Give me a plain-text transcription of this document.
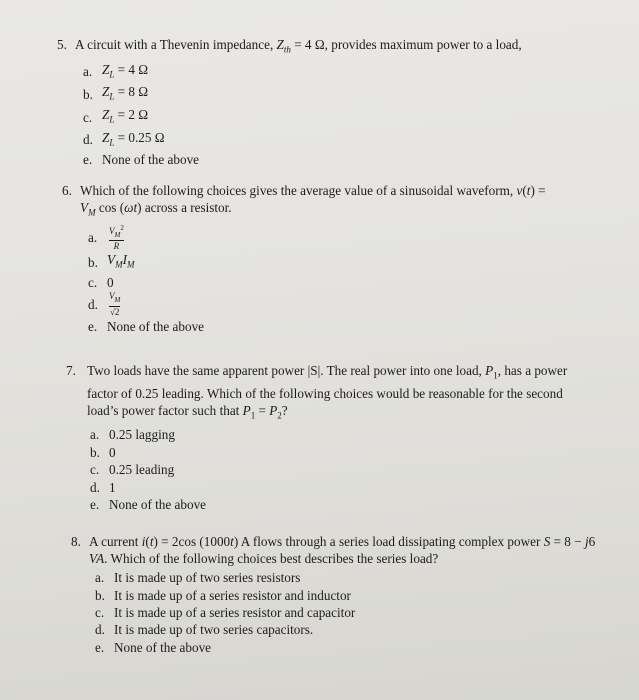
5. A circuit with a Thevenin impedance, $Z_{th} = 4$ Ω, provides maximum power to a load,
a. $Z_L = 4$ Ω
b. $Z_L = 8$ Ω
c. $Z_L = 2$ Ω
d. $Z_L = 0.25$ Ω
e. None of the above
6. Which of the following choices gives the average value of a sinusoidal waveform, v(t) =
$V_M$ cos (ωt) across a resistor.
a.	$\frac{V_M^2}{R}$
b. $V_MI_M$
c. 0
d.	$\frac{V_M}{√2}$
e. None of the above
7. Two loads have the same apparent power |S|. The real power into one load, $P_1$, has a power factor of 0.25 leading. Which of the following choices would be reasonable for the second load’s power factor such that $P_1 = P_2$?
a. 0.25 lagging
b. 0
c. 0.25 leading
d. 1
e. None of the above
8. A current i(t) = 2cos (1000t) A flows through a series load dissipating complex power S = 8 − j6 VA. Which of the following choices best describes the series load?
a. It is made up of two series resistors
b. It is made up of a series resistor and inductor
c. It is made up of a series resistor and capacitor
d. It is made up of two series capacitors.
e. None of the above
